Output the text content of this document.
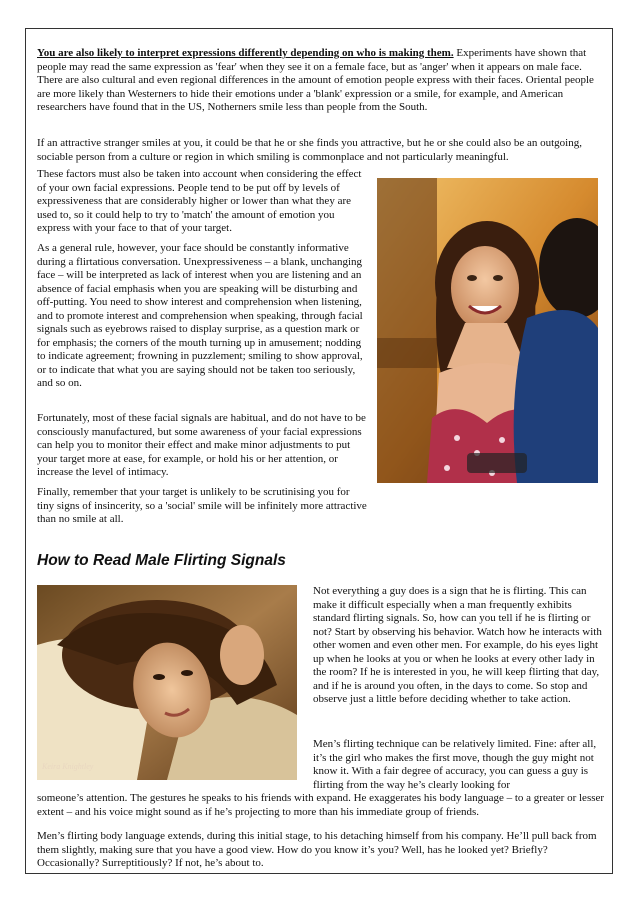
You are also likely to interpret expressions differently depending on who is making them. Experiments have shown that people may read the same expression as 'fear' when they see it on a female face, but as 'anger' when it appears on male face. There are also cultural and even regional differences in the amount of emotion people express with their faces. Oriental people are more likely than Westerners to hide their emotions under a 'blank' expression or a smile, for example, and American researchers have found that in the US, Notherners smile less than people from the South.

If an attractive stranger smiles at you, it could be that he or she finds you attractive, but he or she could also be an outgoing, sociable person from a culture or region in which smiling is commonplace and not particularly meaningful.

These factors must also be taken into account when considering the effect of your own facial expressions. People tend to be put off by levels of expressiveness that are considerably higher or lower than what they are used to, so it could help to try to 'match' the amount of emotion you express with your face to that of your target.

As a general rule, however, your face should be constantly informative during a flirtatious conversation. Unexpressiveness – a blank, unchanging face – will be interpreted as lack of interest when you are listening and an absence of facial emphasis when you are speaking will be disturbing and off-putting. You need to show interest and comprehension when listening, and to promote interest and comprehension when speaking, through facial signals such as eyebrows raised to display surprise, as a question mark or for emphasis; the corners of the mouth turning up in amusement; nodding to indicate agreement; frowning in puzzlement; smiling to show approval, or to indicate that what you are saying should not be taken too seriously, and so on.

Fortunately, most of these facial signals are habitual, and do not have to be consciously manufactured, but some awareness of your facial expressions can help you to monitor their effect and make minor adjustments to put your target more at ease, for example, or hold his or her attention, or increase the level of intimacy.

Finally, remember that your target is unlikely to be scrutinising you for tiny signs of insincerity, so a 'social' smile will be infinitely more attractive than no smile at all.

How to Read Male Flirting Signals
Keira Knightley

Not everything a guy does is a sign that he is flirting. This can make it difficult especially when a man frequently exhibits standard flirting signals. So, how can you tell if he is flirting or not? Start by observing his behavior. Watch how he interacts with other women and even other men. For example, do his eyes light up when he looks at you or when he looks at every other lady in the room? If he is interested in you, he will keep flirting that day, and if he is around you often, in the days to come. So stop and observe just a little before deciding whether to take action.

Men’s flirting technique can be relatively limited. Fine: after all, it’s the girl who makes the first move, though the guy might not know it. With a fair degree of accuracy, you can guess a guy is flirting from the way he’s clearly looking for

someone’s attention. The gestures he speaks to his friends with expand. He exaggerates his body language – to a greater or lesser extent – and his voice might sound as if he’s projecting to more than his immediate group of friends.

Men’s flirting body language extends, during this initial stage, to his detaching himself from his company. He’ll pull back from them slightly, making sure that you have a good view. How do you know it’s you? Well, has he looked yet? Briefly? Occasionally? Surreptitiously? If not, he’s about to.
